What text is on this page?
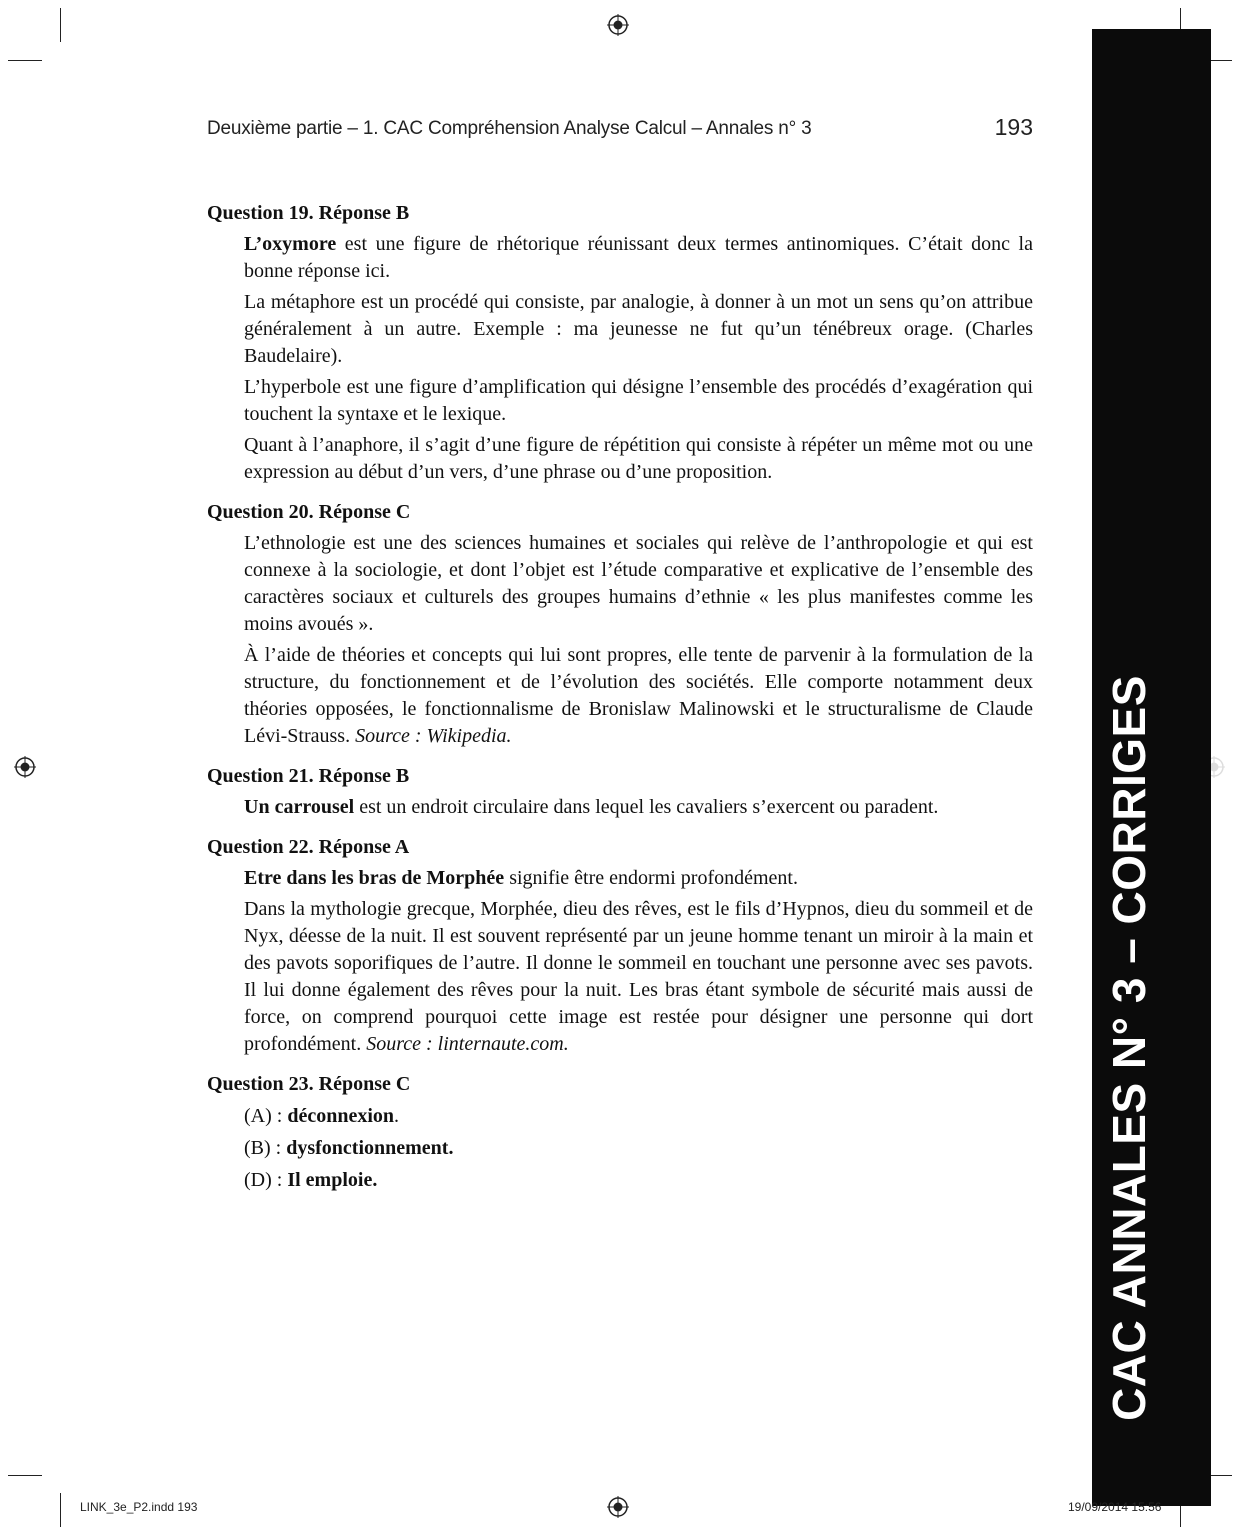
Deuxième partie – 1. CAC Compréhension Analyse Calcul – Annales n° 3	193
CAC ANNALES N° 3 – CORRIGES

Question 19. Réponse B

L’oxymore est une figure de rhétorique réunissant deux termes antinomiques. C’était donc la bonne réponse ici.

La métaphore est un procédé qui consiste, par analogie, à donner à un mot un sens qu’on attribue généralement à un autre. Exemple : ma jeunesse ne fut qu’un ténébreux orage. (Charles Baudelaire).

L’hyperbole est une figure d’amplification qui désigne l’ensemble des procédés d’exagération qui touchent la syntaxe et le lexique.

Quant à l’anaphore, il s’agit d’une figure de répétition qui consiste à répéter un même mot ou une expression au début d’un vers, d’une phrase ou d’une proposition.

Question 20. Réponse C

L’ethnologie est une des sciences humaines et sociales qui relève de l’anthropologie et qui est connexe à la sociologie, et dont l’objet est l’étude comparative et explicative de l’ensemble des caractères sociaux et culturels des groupes humains d’ethnie « les plus manifestes comme les moins avoués ».

À l’aide de théories et concepts qui lui sont propres, elle tente de parvenir à la formulation de la structure, du fonctionnement et de l’évolution des sociétés. Elle comporte notamment deux théories opposées, le fonctionnalisme de Bronislaw Malinowski et le structuralisme de Claude Lévi-Strauss. Source : Wikipedia.

Question 21. Réponse B

Un carrousel est un endroit circulaire dans lequel les cavaliers s’exercent ou paradent.

Question 22. Réponse A

Etre dans les bras de Morphée signifie être endormi profondément.

Dans la mythologie grecque, Morphée, dieu des rêves, est le fils d’Hypnos, dieu du sommeil et de Nyx, déesse de la nuit. Il est souvent représenté par un jeune homme tenant un miroir à la main et des pavots soporifiques de l’autre. Il donne le sommeil en touchant une personne avec ses pavots. Il lui donne également des rêves pour la nuit. Les bras étant symbole de sécurité mais aussi de force, on comprend pourquoi cette image est restée pour désigner une personne qui dort profondément. Source : linternaute.com.

Question 23. Réponse C

(A) : déconnexion.

(B) : dysfonctionnement.

(D) : Il emploie.

LINK_3e_P2.indd 193	19/09/2014 15:56
